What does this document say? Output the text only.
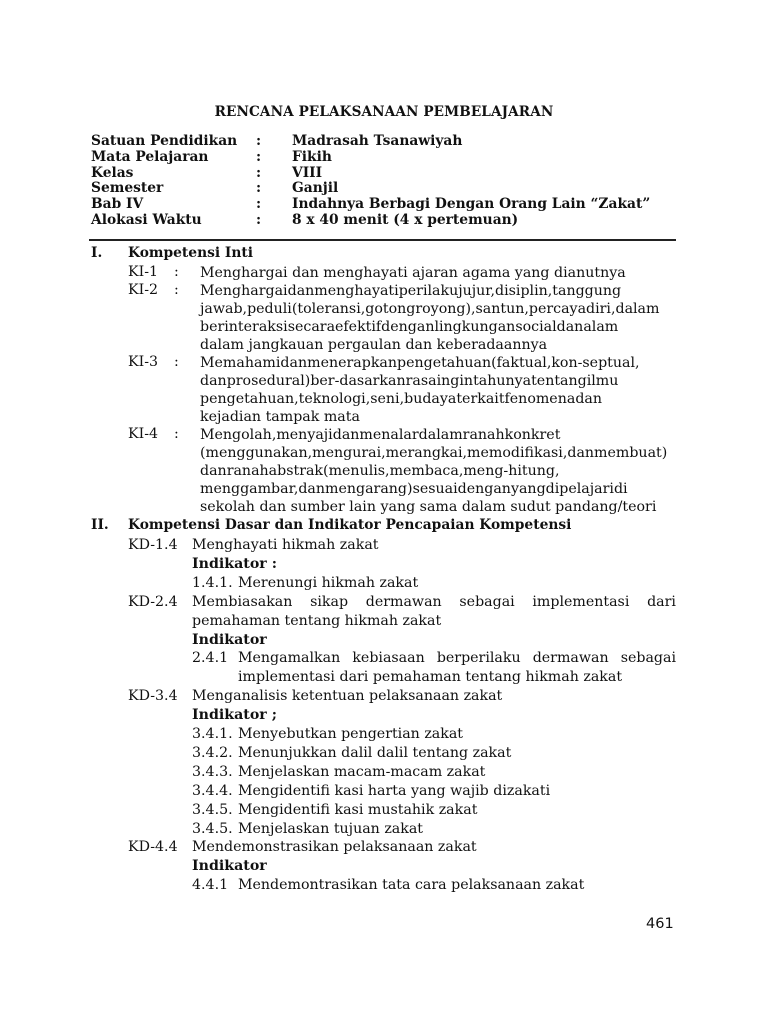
RENCANA PELAKSANAAN PEMBELAJARAN
Satuan Pendidikan	:	Madrasah Tsanawiyah
Mata Pelajaran	:	Fikih
Kelas	:	VIII
Semester	:	Ganjil
Bab IV	:	Indahnya Berbagi Dengan Orang Lain “Zakat”
Alokasi Waktu	:	8 x 40 menit (4 x pertemuan)
I.	Kompetensi Inti
KI-1	:	Menghargai dan menghayati ajaran agama yang dianutnya
KI-2	:	Menghargaidanmenghayatiperilakujujur,disiplin,tanggung
jawab,peduli(toleransi,gotongroyong),santun,percayadiri,dalam
berinteraksisecaraefektifdenganlingkungansocialdanalam
dalam jangkauan pergaulan dan keberadaannya
KI-3	:	Memahamidanmenerapkanpengetahuan(faktual,kon-septual,
danprosedural)ber-dasarkanrasaingintahunyatentangilmu
pengetahuan,teknologi,seni,budayaterkaitfenomenadan
kejadian tampak mata
KI-4	:	Mengolah,menyajidanmenalardalamranahkonkret
(menggunakan,mengurai,merangkai,memodifikasi,danmembuat)
danranahabstrak(menulis,membaca,meng-hitung,
menggambar,danmengarang)sesuaidenganyangdipelajaridi
sekolah dan sumber lain yang sama dalam sudut pandang/teori
II.	Kompetensi Dasar dan Indikator Pencapaian Kompetensi
KD-1.4 Menghayati hikmah zakat
Indikator :
1.4.1. Merenungi hikmah zakat
KD-2.4 Membiasakan sikap dermawan sebagai implementasi dari
pemahaman tentang hikmah zakat
Indikator
2.4.1 Mengamalkan kebiasaan berperilaku dermawan sebagai
implementasi dari pemahaman tentang hikmah zakat
KD-3.4 Menganalisis ketentuan pelaksanaan zakat
Indikator ;
3.4.1. Menyebutkan pengertian zakat
3.4.2. Menunjukkan dalil dalil tentang zakat
3.4.3. Menjelaskan macam-macam zakat
3.4.4. Mengidentifi kasi harta yang wajib dizakati
3.4.5. Mengidentifi kasi mustahik zakat
3.4.5. Menjelaskan tujuan zakat
KD-4.4 Mendemonstrasikan pelaksanaan zakat
Indikator
4.4.1 Mendemontrasikan tata cara pelaksanaan zakat
461
